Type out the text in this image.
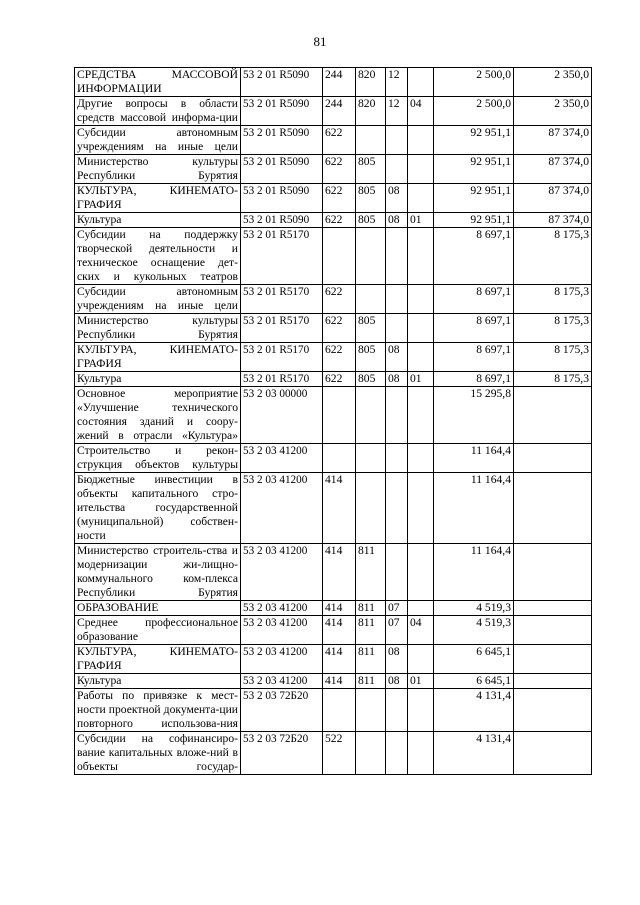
81
СРЕДСТВА МАССОВОЙ ИНФОРМАЦИИ	53 2 01 R5090	244	820	12		2 500,0	2 350,0
Другие вопросы в области средств массовой информа-ции	53 2 01 R5090	244	820	12	04	2 500,0	2 350,0
Субсидии автономным учреждениям на иные цели	53 2 01 R5090	622				92 951,1	87 374,0
Министерство культуры Республики Бурятия	53 2 01 R5090	622	805			92 951,1	87 374,0
КУЛЬТУРА, КИНЕМАТО-ГРАФИЯ	53 2 01 R5090	622	805	08		92 951,1	87 374,0
Культура	53 2 01 R5090	622	805	08	01	92 951,1	87 374,0
Субсидии на поддержку творческой деятельности и техническое оснащение дет-ских и кукольных театров	53 2 01 R5170					8 697,1	8 175,3
Субсидии автономным учреждениям на иные цели	53 2 01 R5170	622				8 697,1	8 175,3
Министерство культуры Республики Бурятия	53 2 01 R5170	622	805			8 697,1	8 175,3
КУЛЬТУРА, КИНЕМАТО-ГРАФИЯ	53 2 01 R5170	622	805	08		8 697,1	8 175,3
Культура	53 2 01 R5170	622	805	08	01	8 697,1	8 175,3
Основное мероприятие «Улучшение технического состояния зданий и соору-жений в отрасли «Культура»	53 2 03 00000					15 295,8	
Строительство и рекон-струкция объектов культуры	53 2 03 41200					11 164,4	
Бюджетные инвестиции в объекты капитального стро-ительства государственной (муниципальной) собствен-ности	53 2 03 41200	414				11 164,4	
Министерство строитель-ства и модернизации жи-лищно-коммунального ком-плекса Республики Бурятия	53 2 03 41200	414	811			11 164,4	
ОБРАЗОВАНИЕ	53 2 03 41200	414	811	07		4 519,3	
Среднее профессиональное образование	53 2 03 41200	414	811	07	04	4 519,3	
КУЛЬТУРА, КИНЕМАТО-ГРАФИЯ	53 2 03 41200	414	811	08		6 645,1	
Культура	53 2 03 41200	414	811	08	01	6 645,1	
Работы по привязке к мест-ности проектной документа-ции повторного использова-ния	53 2 03 72Б20					4 131,4	
Субсидии на софинансиро-вание капитальных вложе-ний в объекты государ-	53 2 03 72Б20	522				4 131,4	
